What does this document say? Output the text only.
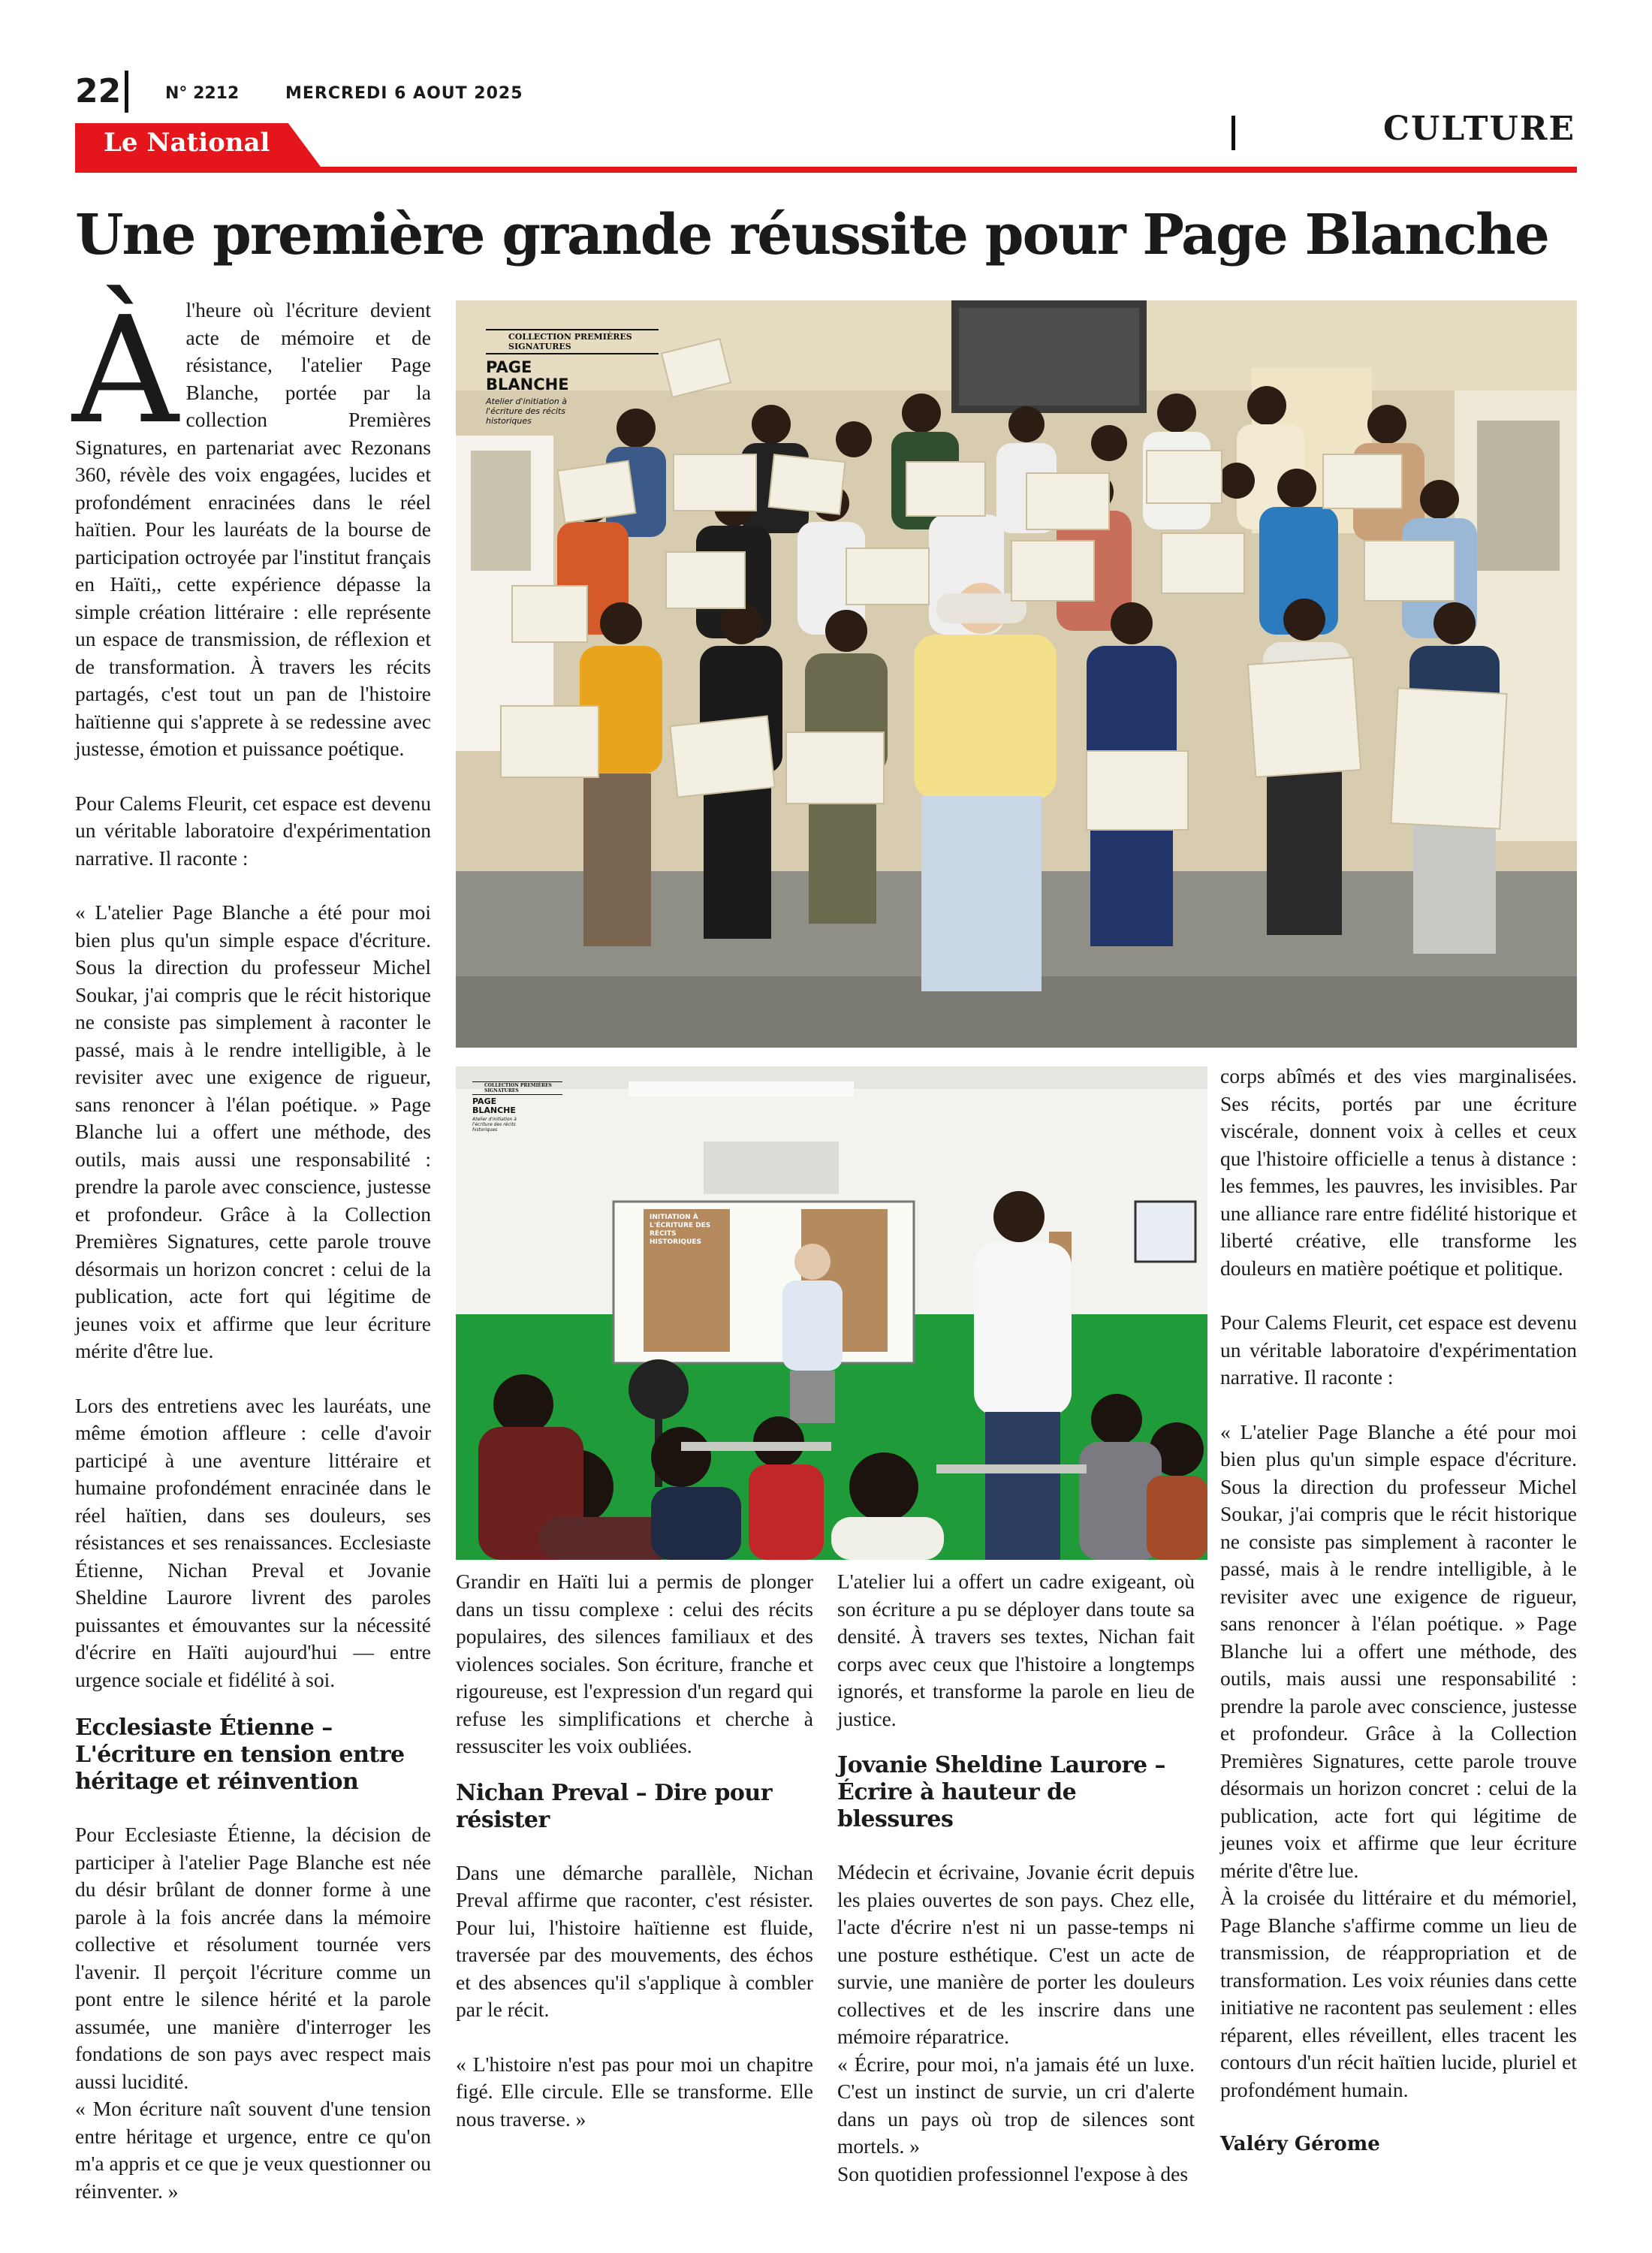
22	N° 2212	MERCREDI 6 AOUT 2025
CULTURE
Le National
Une première grande réussite pour Page Blanche
COLLECTION PREMIÈRES SIGNATURES
PAGE BLANCHE
Atelier d'initiation à l'écriture des récits historiques
COLLECTION PREMIÈRES SIGNATURES
PAGE BLANCHE
Atelier d'initiation à l'écriture des récits historiques
INITIATION À L'ÉCRITURE DES RÉCITS HISTORIQUES

Àl'heure où l'écriture devient acte de mémoire et de résistance, l'atelier Page Blanche, portée par la collection Premières Signatures, en partenariat avec Rezonans 360, révèle des voix engagées, lucides et profondément enracinées dans le réel haïtien. Pour les lauréats de la bourse de participation octroyée par l'institut français en Haïti,, cette expérience dépasse la simple création littéraire : elle représente un espace de transmission, de réflexion et de transformation. À travers les récits partagés, c'est tout un pan de l'histoire haïtienne qui s'apprete à se redessine avec justesse, émotion et puissance poétique.

Pour Calems Fleurit, cet espace est devenu un véritable laboratoire d'expérimentation narrative. Il raconte :

« L'atelier Page Blanche a été pour moi bien plus qu'un simple espace d'écriture. Sous la direction du professeur Michel Soukar, j'ai compris que le récit historique ne consiste pas simplement à raconter le passé, mais à le rendre intelligible, à le revisiter avec une exigence de rigueur, sans renoncer à l'élan poétique. » Page Blanche lui a offert une méthode, des outils, mais aussi une responsabilité : prendre la parole avec conscience, justesse et profondeur. Grâce à la Collection Premières Signatures, cette parole trouve désormais un horizon concret : celui de la publication, acte fort qui légitime de jeunes voix et affirme que leur écriture mérite d'être lue.

Lors des entretiens avec les lauréats, une même émotion affleure : celle d'avoir participé à une aventure littéraire et humaine profondément enracinée dans le réel haïtien, dans ses douleurs, ses résistances et ses renaissances. Ecclesiaste Étienne, Nichan Preval et Jovanie Sheldine Laurore livrent des paroles puissantes et émouvantes sur la nécessité d'écrire en Haïti aujourd'hui — entre urgence sociale et fidélité à soi.

Ecclesiaste Étienne – L'écriture en tension entre héritage et réinvention

Pour Ecclesiaste Étienne, la décision de participer à l'atelier Page Blanche est née du désir brûlant de donner forme à une parole à la fois ancrée dans la mémoire collective et résolument tournée vers l'avenir. Il perçoit l'écriture comme un pont entre le silence hérité et la parole assumée, une manière d'interroger les fondations de son pays avec respect mais aussi lucidité.

« Mon écriture naît souvent d'une tension entre héritage et urgence, entre ce qu'on m'a appris et ce que je veux questionner ou réinventer. »

Grandir en Haïti lui a permis de plonger dans un tissu complexe : celui des récits populaires, des silences familiaux et des violences sociales. Son écriture, franche et rigoureuse, est l'expression d'un regard qui refuse les simplifications et cherche à ressusciter les voix oubliées.

Nichan Preval – Dire pour résister

Dans une démarche parallèle, Nichan Preval affirme que raconter, c'est résister. Pour lui, l'histoire haïtienne est fluide, traversée par des mouvements, des échos et des absences qu'il s'applique à combler par le récit.

« L'histoire n'est pas pour moi un chapitre figé. Elle circule. Elle se transforme. Elle nous traverse. »

L'atelier lui a offert un cadre exigeant, où son écriture a pu se déployer dans toute sa densité. À travers ses textes, Nichan fait corps avec ceux que l'histoire a longtemps ignorés, et transforme la parole en lieu de justice.

Jovanie Sheldine Laurore – Écrire à hauteur de blessures

Médecin et écrivaine, Jovanie écrit depuis les plaies ouvertes de son pays. Chez elle, l'acte d'écrire n'est ni un passe-temps ni une posture esthétique. C'est un acte de survie, une manière de porter les douleurs collectives et de les inscrire dans une mémoire réparatrice.

« Écrire, pour moi, n'a jamais été un luxe. C'est un instinct de survie, un cri d'alerte dans un pays où trop de silences sont mortels. »

Son quotidien professionnel l'expose à des

corps abîmés et des vies marginalisées. Ses récits, portés par une écriture viscérale, donnent voix à celles et ceux que l'histoire officielle a tenus à distance : les femmes, les pauvres, les invisibles. Par une alliance rare entre fidélité historique et liberté créative, elle transforme les douleurs en matière poétique et politique.

Pour Calems Fleurit, cet espace est devenu un véritable laboratoire d'expérimentation narrative. Il raconte :

« L'atelier Page Blanche a été pour moi bien plus qu'un simple espace d'écriture. Sous la direction du professeur Michel Soukar, j'ai compris que le récit historique ne consiste pas simplement à raconter le passé, mais à le rendre intelligible, à le revisiter avec une exigence de rigueur, sans renoncer à l'élan poétique. » Page Blanche lui a offert une méthode, des outils, mais aussi une responsabilité : prendre la parole avec conscience, justesse et profondeur. Grâce à la Collection Premières Signatures, cette parole trouve désormais un horizon concret : celui de la publication, acte fort qui légitime de jeunes voix et affirme que leur écriture mérite d'être lue.

À la croisée du littéraire et du mémoriel, Page Blanche s'affirme comme un lieu de transmission, de réappropriation et de transformation. Les voix réunies dans cette initiative ne racontent pas seulement : elles réparent, elles réveillent, elles tracent les contours d'un récit haïtien lucide, pluriel et profondément humain.

Valéry Gérome
